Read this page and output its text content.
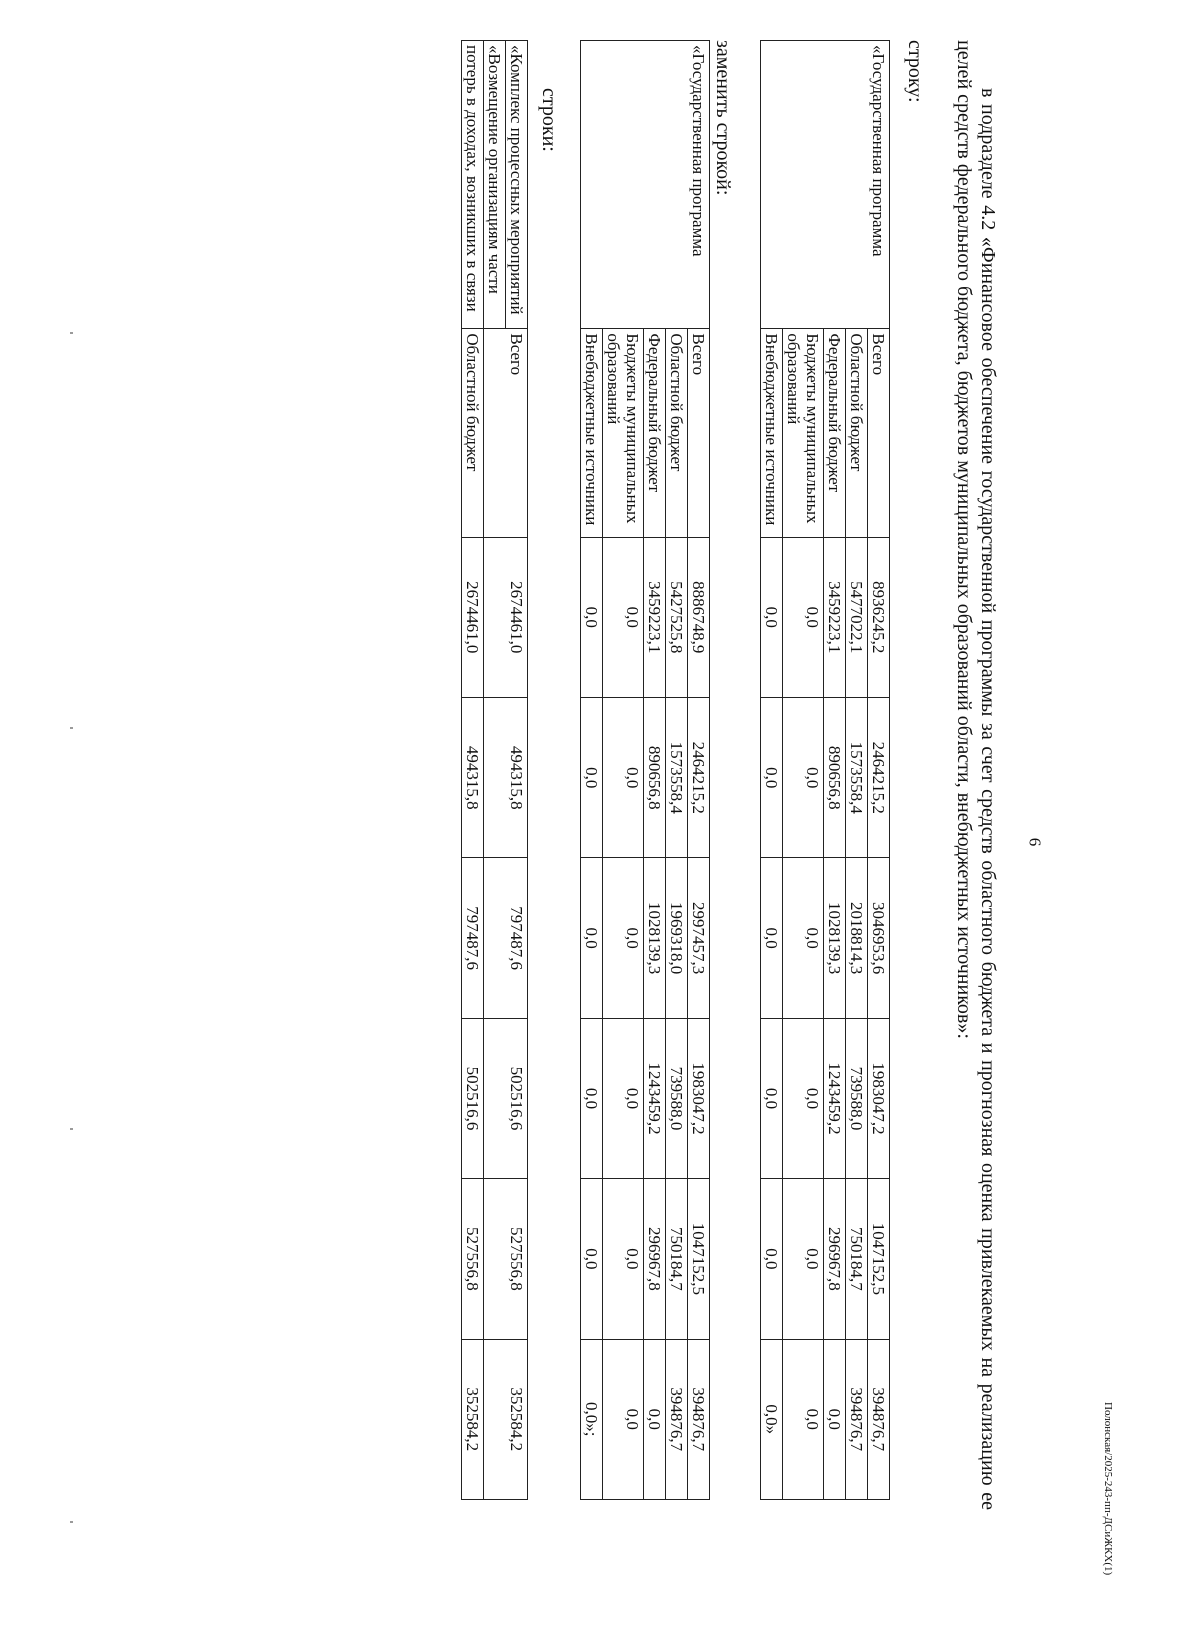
6
Полонская/2025-243-пп-ДСиЖКХ(1)

в подразделе 4.2 «Финансовое обеспечение государственной программы за счет средств областного бюджета и прогнозная оценка привлекаемых на реализацию ее целей средств федерального бюджета, бюджетов муниципальных образований области, внебюджетных источников»:

строку:
«Государственная программа	Всего	8936245,2	2464215,2	3046953,6	1983047,2	1047152,5	394876,7
	Областной бюджет	5477022,1	1573558,4	2018814,3	739588,0	750184,7	394876,7
	Федеральный бюджет	3459223,1	890656,8	1028139,3	1243459,2	296967,8	0,0
	Бюджеты муниципальных образований	0,0	0,0	0,0	0,0	0,0	0,0
	Внебюджетные источники	0,0	0,0	0,0	0,0	0,0	0,0»
заменить строкой:
«Государственная программа	Всего	8886748,9	2464215,2	2997457,3	1983047,2	1047152,5	394876,7
	Областной бюджет	5427525,8	1573558,4	1969318,0	739588,0	750184,7	394876,7
	Федеральный бюджет	3459223,1	890656,8	1028139,3	1243459,2	296967,8	0,0
	Бюджеты муниципальных образований	0,0	0,0	0,0	0,0	0,0	0,0
	Внебюджетные источники	0,0	0,0	0,0	0,0	0,0	0,0»;
строки:
«Комплекс процессных мероприятий	Всего	2674461,0	494315,8	797487,6	502516,6	527556,8	352584,2
«Возмещение организациям части							
потерь в доходах, возникших в связи	Областной бюджет	2674461,0	494315,8	797487,6	502516,6	527556,8	352584,2
